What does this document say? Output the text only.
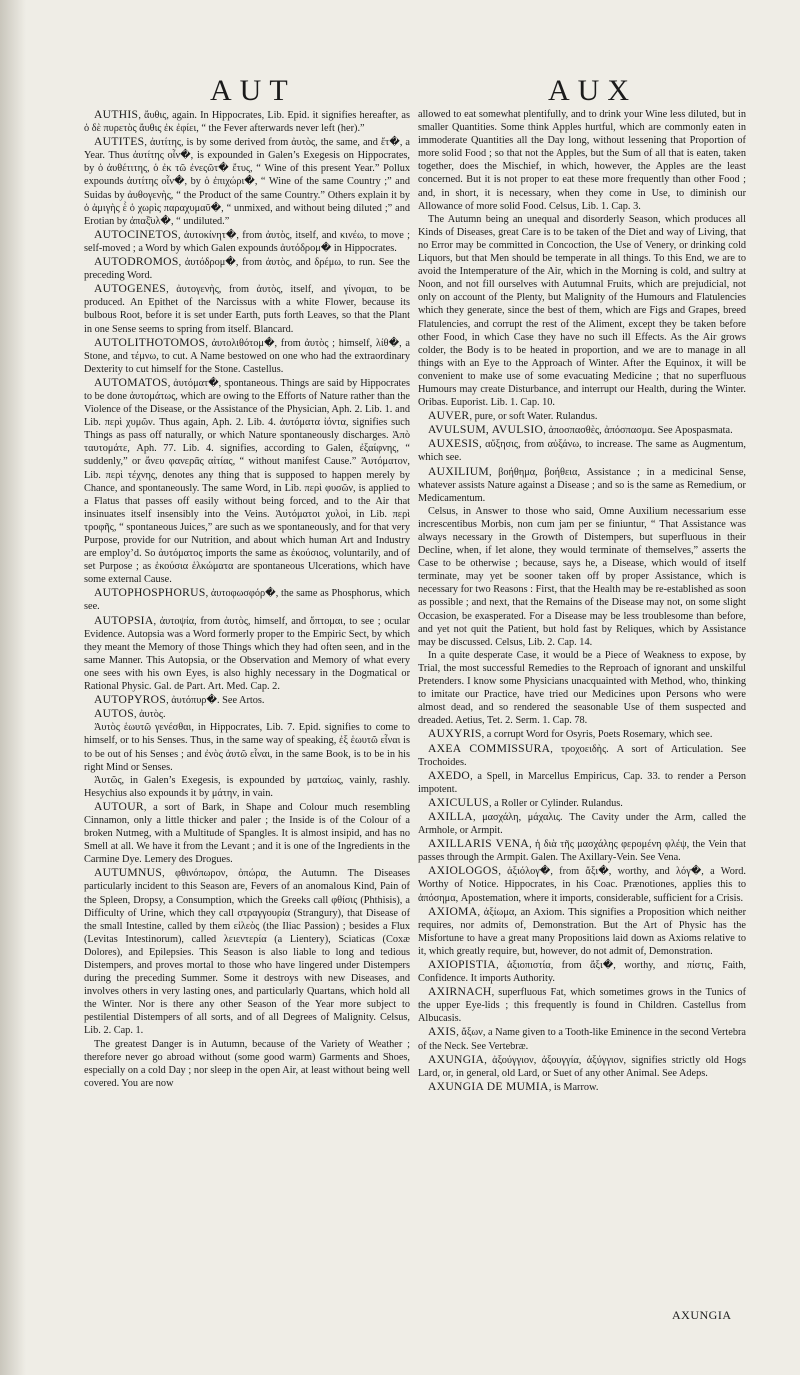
AUT	AUX

AUTHIS, ἄυθις, again. In Hippocrates, Lib. Epid. it signifies hereafter, as ὁ δὲ πυρετὸς ἄυθις ἐκ ἐφίει, “ the Fever afterwards never left (her).”

AUTITES, ἀυτίτης, is by some derived from ἀυτὸς, the same, and ἔτ�, a Year. Thus ἀυτίτης οἶν�, is expounded in Galen’s Exegesis on Hippocrates, by ὁ ἀυθέτιτης, ὁ ἐκ τῶ ἐνεςῶτ� ἔτυς, “ Wine of this present Year.” Pollux expounds ἀυτίτης οἶν�, by ὁ ἐπιχώρι�, “ Wine of the same Country ;” and Suidas by ἀυθογενὴς, “ the Product of the same Country.” Others explain it by ὁ ἀμιγὴς ὲ̀ ὁ χωρὶς παραχυμαῦ�, “ unmixed, and without being diluted ;” and Erotian by ἀπαξ̄υλ�, “ undiluted.”

AUTOCINETOS, ἀυτοκίνητ�, from ἀυτὸς, itself, and κινέω, to move ; self-moved ; a Word by which Galen expounds ἀυτόδρομ� in Hippocrates.

AUTODROMOS, ἀυτόδρομ�, from ἀυτὸς, and δρέμω, to run. See the preceding Word.

AUTOGENES, ἀυτογενὴς, from ἀυτὸς, itself, and γίνομαι, to be produced. An Epithet of the Narcissus with a white Flower, because its bulbous Root, before it is set under Earth, puts forth Leaves, so that the Plant in one Sense seems to spring from itself. Blancard.

AUTOLITHOTOMOS, ἀυτολιθότομ�, from ἀυτὸς ; himself, λίθ�, a Stone, and τέμνω, to cut. A Name bestowed on one who had the extraordinary Dexterity to cut himself for the Stone. Castellus.

AUTOMATOS, ἀυτόματ�, spontaneous. Things are said by Hippocrates to be done ἀυτομάτως, which are owing to the Efforts of Nature rather than the Violence of the Disease, or the Assistance of the Physician, Aph. 2. Lib. 1. and Lib. περὶ χυμῶν. Thus again, Aph. 2. Lib. 4. ἀυτόματα ἰόντα, signifies such Things as pass off naturally, or which Nature spontaneously discharges. Ἀπὸ ταυτομάτε, Aph. 77. Lib. 4. signifies, according to Galen, ἐξαίφνης, “ suddenly,” or ἄνευ φανερᾶς αἰτίας, “ without manifest Cause.” Ἀυτόματον, Lib. περὶ τέχνης, denotes any thing that is supposed to happen merely by Chance, and spontaneously. The same Word, in Lib. περὶ φυσῶν, is applied to a Flatus that passes off easily without being forced, and to the Air that insinuates itself insensibly into the Veins. Ἀυτόματοι χυλοὶ, in Lib. περὶ τροφῆς, “ spontaneous Juices,” are such as we spontaneously, and for that very Purpose, provide for our Nutrition, and about which human Art and Industry are employ’d. So ἀυτόματος imports the same as ἑκούσιος, voluntarily, and of set Purpose ; as ἑκούσια ἑλκώματα are spontaneous Ulcerations, which have some external Cause.

AUTOPHOSPHORUS, ἀυτοφωσφόρ�, the same as Phosphorus, which see.

AUTOPSIA, ἀυτοψία, from ἀυτὸς, himself, and ὄπτομαι, to see ; ocular Evidence. Autopsia was a Word formerly proper to the Empiric Sect, by which they meant the Memory of those Things which they had often seen, and in the same Manner. This Autopsia, or the Observation and Memory of what every one sees with his own Eyes, is also highly necessary in the Dogmatical or Rational Physic. Gal. de Part. Art. Med. Cap. 2.

AUTOPYROS, ἀυτόπυρ�. See Artos.

AUTOS, ἀυτὸς.

Ἀυτὸς ἑωυτῶ γενέσθαι, in Hippocrates, Lib. 7. Epid. signifies to come to himself, or to his Senses. Thus, in the same way of speaking, ἐξ ἑωυτῶ εἶναι is to be out of his Senses ; and ἐνὸς ἀυτῶ εἶναι, in the same Book, is to be in his right Mind or Senses.

Ἀυτῶς, in Galen’s Exegesis, is expounded by ματαίως, vainly, rashly. Hesychius also expounds it by μάτην, in vain.

AUTOUR, a sort of Bark, in Shape and Colour much resembling Cinnamon, only a little thicker and paler ; the Inside is of the Colour of a broken Nutmeg, with a Multitude of Spangles. It is almost insipid, and has no Smell at all. We have it from the Levant ; and it is one of the Ingredients in the Carmine Dye. Lemery des Drogues.

AUTUMNUS, φθινόπωρον, ὀπώρα, the Autumn. The Diseases particularly incident to this Season are, Fevers of an anomalous Kind, Pain of the Spleen, Dropsy, a Consumption, which the Greeks call φθίσις (Phthisis), a Difficulty of Urine, which they call στραγγουρία (Strangury), that Disease of the small Intestine, called by them εἰλεὸς (the Iliac Passion) ; besides a Flux (Levitas Intestinorum), called λειεντερία (a Lientery), Sciaticas (Coxæ Dolores), and Epilepsies. This Season is also liable to long and tedious Distempers, and proves mortal to those who have lingered under Distempers during the preceding Summer. Some it destroys with new Diseases, and involves others in very lasting ones, and particularly Quartans, which hold all the Winter. Nor is there any other Season of the Year more subject to pestilential Distempers of all sorts, and of all Degrees of Malignity. Celsus, Lib. 2. Cap. 1.

The greatest Danger is in Autumn, because of the Variety of Weather ; therefore never go abroad without (some good warm) Garments and Shoes, especially on a cold Day ; nor sleep in the open Air, at least without being well covered. You are now

allowed to eat somewhat plentifully, and to drink your Wine less diluted, but in smaller Quantities. Some think Apples hurtful, which are commonly eaten in immoderate Quantities all the Day long, without lessening that Proportion of more solid Food ; so that not the Apples, but the Sum of all that is eaten, taken together, does the Mischief, in which, however, the Apples are the least concerned. But it is not proper to eat these more frequently than other Food ; and, in short, it is necessary, when they come in Use, to diminish our Allowance of more solid Food. Celsus, Lib. 1. Cap. 3.

The Autumn being an unequal and disorderly Season, which produces all Kinds of Diseases, great Care is to be taken of the Diet and way of Living, that no Error may be committed in Concoction, the Use of Venery, or drinking cold Liquors, but that Men should be temperate in all things. To this End, we are to avoid the Intemperature of the Air, which in the Morning is cold, and sultry at Noon, and not fill ourselves with Autumnal Fruits, which are prejudicial, not only on account of the Plenty, but Malignity of the Humours and Flatulencies which they generate, since the best of them, which are Figs and Grapes, breed Flatulencies, and corrupt the rest of the Aliment, except they be taken before other Food, in which Case they have no such ill Effects. As the Air grows colder, the Body is to be heated in proportion, and we are to manage in all things with an Eye to the Approach of Winter. After the Equinox, it will be convenient to make use of some evacuating Medicine ; that no superfluous Humours may create Disturbance, and interrupt our Health, during the Winter. Oribas. Euporist. Lib. 1. Cap. 10.

AUVER, pure, or soft Water. Rulandus.

AVULSUM, AVULSIO, ἀποσπασθὲς, ἀπόσπασμα. See Apospasmata.

AUXESIS, αὔξησις, from αὐξάνω, to increase. The same as Augmentum, which see.

AUXILIUM, βοήθημα, βοήθεια, Assistance ; in a medicinal Sense, whatever assists Nature against a Disease ; and so is the same as Remedium, or Medicamentum.

Celsus, in Answer to those who said, Omne Auxilium necessarium esse increscentibus Morbis, non cum jam per se finiuntur, “ That Assistance was always necessary in the Growth of Distempers, but superfluous in their Decline, when, if let alone, they would terminate of themselves,” asserts the Case to be otherwise ; because, says he, a Disease, which would of itself terminate, may yet be sooner taken off by proper Assistance, which is necessary for two Reasons : First, that the Health may be re-established as soon as possible ; and next, that the Remains of the Disease may not, on some slight Occasion, be exasperated. For a Disease may be less troublesome than before, and yet not quit the Patient, but hold fast by Reliques, which by Assistance may be discussed. Celsus, Lib. 2. Cap. 14.

In a quite desperate Case, it would be a Piece of Weakness to expose, by Trial, the most successful Remedies to the Reproach of ignorant and unskilful Pretenders. I know some Physicians unacquainted with Method, who, thinking to imitate our Practice, have tried our Medicines upon Persons who were almost dead, and so rendered the seasonable Use of them suspected and dreaded. Aetius, Tet. 2. Serm. 1. Cap. 78.

AUXYRIS, a corrupt Word for Osyris, Poets Rosemary, which see.

AXEA COMMISSURA, τροχοειδὴς. A sort of Articulation. See Trochoides.

AXEDO, a Spell, in Marcellus Empiricus, Cap. 33. to render a Person impotent.

AXICULUS, a Roller or Cylinder. Rulandus.

AXILLA, μασχάλη, μάχαλις. The Cavity under the Arm, called the Armhole, or Armpit.

AXILLARIS VENA, ἡ διὰ τῆς μασχάλης φερομένη φλέψ, the Vein that passes through the Armpit. Galen. The Axillary-Vein. See Vena.

AXIOLOGOS, ἀξιόλογ�, from ἄξι�, worthy, and λόγ�, a Word. Worthy of Notice. Hippocrates, in his Coac. Prænotiones, applies this to ἀπόσημα, Apostemation, where it imports, considerable, sufficient for a Crisis.

AXIOMA, ἀξίωμα, an Axiom. This signifies a Proposition which neither requires, nor admits of, Demonstration. But the Art of Physic has the Misfortune to have a great many Propositions laid down as Axioms relative to it, which greatly require, but, however, do not admit of, Demonstration.

AXIOPISTIA, ἀξιοπιστία, from ἄξι�, worthy, and πίστις, Faith, Confidence. It imports Authority.

AXIRNACH, superfluous Fat, which sometimes grows in the Tunics of the upper Eye-lids ; this frequently is found in Children. Castellus from Albucasis.

AXIS, ἄξων, a Name given to a Tooth-like Eminence in the second Vertebra of the Neck. See Vertebræ.

AXUNGIA, ἀξούγγιον, ἀξουγγία, ἀξύγγιον, signifies strictly old Hogs Lard, or, in general, old Lard, or Suet of any other Animal. See Adeps.

AXUNGIA DE MUMIA, is Marrow.

AXUNGIA
